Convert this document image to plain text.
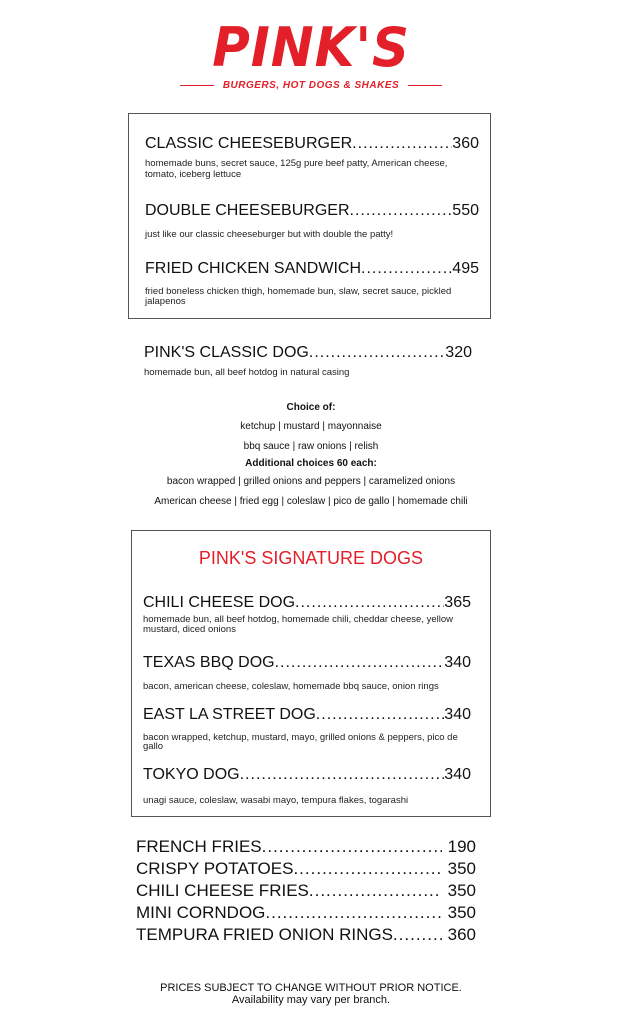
PINK'S
BURGERS, HOT DOGS & SHAKES
CLASSIC CHEESEBURGER .....	360
homemade buns, secret sauce, 125g pure beef patty, American cheese, tomato, iceberg lettuce
DOUBLE CHEESEBURGER .....	550
just like our classic cheeseburger but with double the patty!
FRIED CHICKEN SANDWICH .....	495
fried boneless chicken thigh, homemade bun, slaw, secret sauce, pickled jalapenos
PINK'S CLASSIC DOG .....	320
homemade bun, all beef hotdog in natural casing
Choice of:
ketchup | mustard | mayonnaise
bbq sauce | raw onions | relish
Additional choices 60 each:
bacon wrapped | grilled onions and peppers | caramelized onions
American cheese | fried egg | coleslaw | pico de gallo | homemade chili
PINK'S SIGNATURE DOGS
CHILI CHEESE DOG .....	365
homemade bun, all beef hotdog, homemade chili, cheddar cheese, yellow mustard, diced onions
TEXAS BBQ DOG .....	340
bacon, american cheese, coleslaw, homemade bbq sauce, onion rings
EAST LA STREET DOG .....	340
bacon wrapped, ketchup, mustard, mayo, grilled onions & peppers, pico de gallo
TOKYO DOG .....	340
unagi sauce, coleslaw, wasabi mayo, tempura flakes, togarashi
FRENCH FRIES .....	190
CRISPY POTATOES .....	350
CHILI CHEESE FRIES .....	350
MINI CORNDOG .....	350
TEMPURA FRIED ONION RINGS .....	360
PRICES SUBJECT TO CHANGE WITHOUT PRIOR NOTICE.
Availability may vary per branch.
